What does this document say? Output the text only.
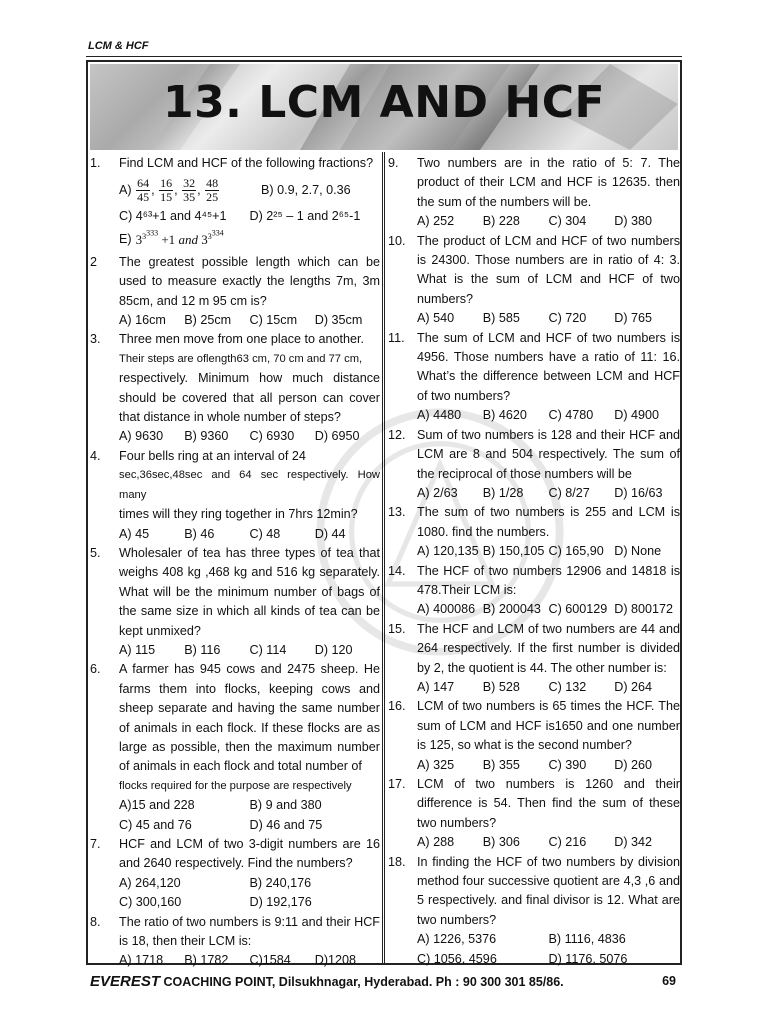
LCM & HCF
13. LCM AND HCF
1. Find LCM and HCF of the following fractions?
$A) \frac{64}{45}$ , $\frac{16}{15}$ , $\frac{32}{35}$ , $\frac{48}{25}$	B) 0.9, 2.7, 0.36
C) 4⁶³+1 and 4⁴⁵+1	D) 2²⁵ – 1 and 2⁶⁵-1
E) $3^{3^{333}} +1$ and $3^{3^{334}}$
2 The greatest possible length which can be used to measure exactly the lengths 7m, 3m 85cm, and 12 m 95 cm is?
A) 16cm	B) 25cm	C) 15cm	D) 35cm
3. Three men move from one place to another.
Their steps are oflength63 cm, 70 cm and 77 cm,
respectively. Minimum how much distance should be covered that all person can cover that distance in whole number of steps?
A) 9630	B) 9360	C) 6930	D) 6950
4. Four bells ring at an interval of 24
sec,36sec,48sec and 64 sec respectively. How many
times will they ring together in 7hrs 12min?
A) 45	B) 46	C) 48	D) 44
5. Wholesaler of tea has three types of tea that weighs 408 kg ,468 kg and 516 kg separately. What will be the minimum number of bags of the same size in which all kinds of tea can be kept unmixed?
A) 115	B) 116	C) 114	D) 120
6. A farmer has 945 cows and 2475 sheep. He farms them into flocks, keeping cows and sheep separate and having the same number of animals in each flock. If these flocks are as large as possible, then the maximum number of animals in each flock and total number of
flocks required for the purpose are respectively
A)15 and 228	B) 9 and 380
C) 45 and 76	D) 46 and 75
7. HCF and LCM of two 3-digit numbers are 16 and 2640 respectively. Find the numbers?
A) 264,120	B) 240,176
C) 300,160	D) 192,176
8. The ratio of two numbers is 9:11 and their HCF is 18, then their LCM is:
A) 1718	B) 1782	C)1584	D)1208
9. Two numbers are in the ratio of 5: 7. The product of their LCM and HCF is 12635. then the sum of the numbers will be.
A) 252	B) 228	C) 304	D) 380
10. The product of LCM and HCF of two numbers is 24300. Those numbers are in ratio of 4: 3. What is the sum of LCM and HCF of two numbers?
A) 540	B) 585	C) 720	D) 765
11. The sum of LCM and HCF of two numbers is 4956. Those numbers have a ratio of 11: 16. What’s the difference between LCM and HCF of two numbers?
A) 4480	B) 4620	C) 4780	D) 4900
12. Sum of two numbers is 128 and their HCF and LCM are 8 and 504 respectively. The sum of the reciprocal of those numbers will be
A) 2/63	B) 1/28	C) 8/27	D) 16/63
13. The sum of two numbers is 255 and LCM is 1080. find the numbers.
A) 120,135 B) 150,105 C) 165,90 D) None
14. The HCF of two numbers 12906 and 14818 is 478.Their LCM is:
A) 400086 B) 200043 C) 600129 D) 800172
15. The HCF and LCM of two numbers are 44 and 264 respectively. If the first number is divided by 2, the quotient is 44. The other number is:
A) 147	B) 528	C) 132	D) 264
16. LCM of two numbers is 65 times the HCF. The sum of LCM and HCF is1650 and one number is 125, so what is the second number?
A) 325	B) 355	C) 390	D) 260
17. LCM of two numbers is 1260 and their difference is 54. Then find the sum of these two numbers?
A) 288	B) 306	C) 216	D) 342
18. In finding the HCF of two numbers by division method four successive quotient are 4,3 ,6 and 5 respectively. and final divisor is 12. What are two numbers?
A) 1226, 5376	B) 1116, 4836
C) 1056, 4596	D) 1176, 5076
EVEREST COACHING POINT, Dilsukhnagar, Hyderabad. Ph : 90 300 301 85/86.	69
